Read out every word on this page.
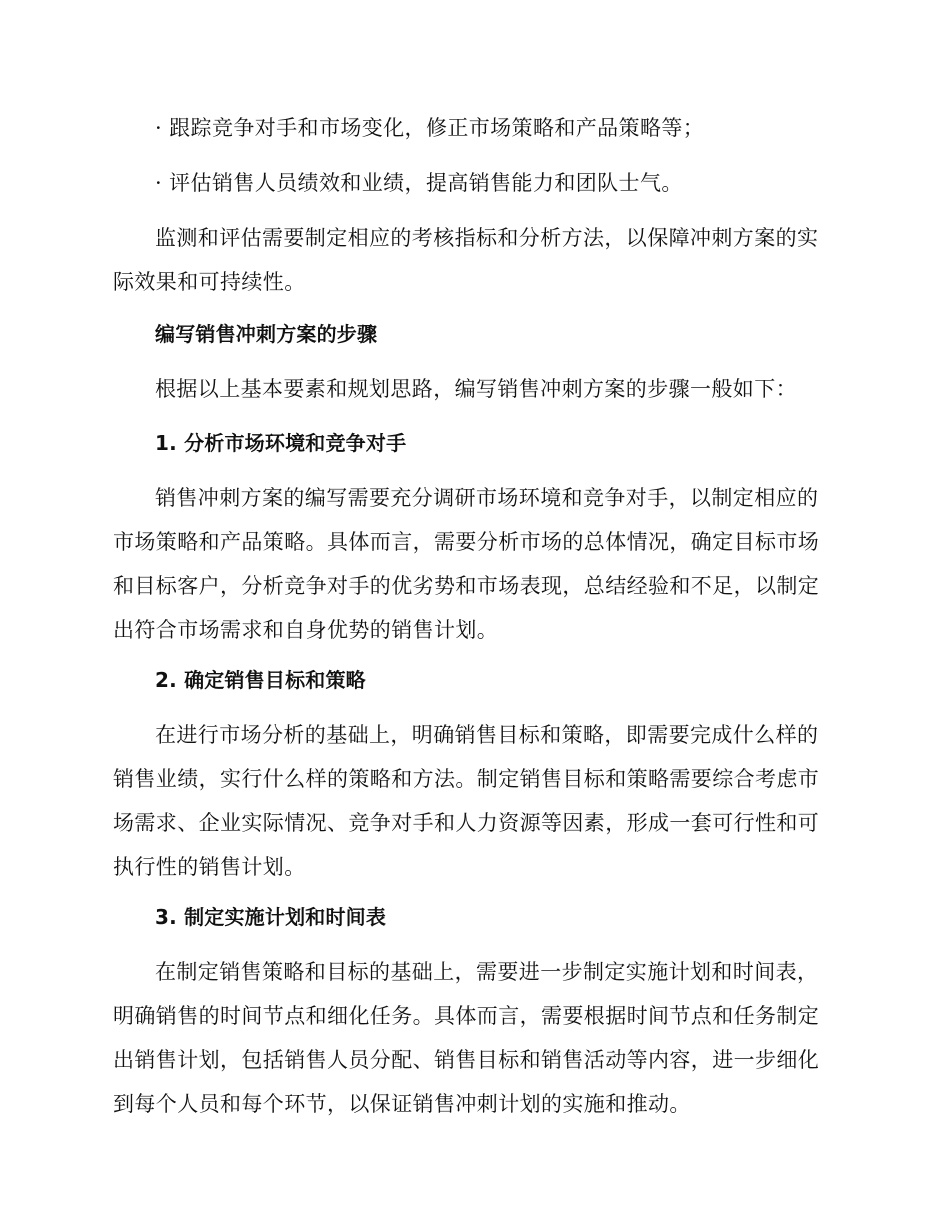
· 跟踪竞争对手和市场变化，修正市场策略和产品策略等；

· 评估销售人员绩效和业绩，提高销售能力和团队士气。

监测和评估需要制定相应的考核指标和分析方法，以保障冲刺方案的实际效果和可持续性。

编写销售冲刺方案的步骤

根据以上基本要素和规划思路，编写销售冲刺方案的步骤一般如下：

1. 分析市场环境和竞争对手

销售冲刺方案的编写需要充分调研市场环境和竞争对手，以制定相应的市场策略和产品策略。具体而言，需要分析市场的总体情况，确定目标市场和目标客户，分析竞争对手的优劣势和市场表现，总结经验和不足，以制定出符合市场需求和自身优势的销售计划。

2. 确定销售目标和策略

在进行市场分析的基础上，明确销售目标和策略，即需要完成什么样的销售业绩，实行什么样的策略和方法。制定销售目标和策略需要综合考虑市场需求、企业实际情况、竞争对手和人力资源等因素，形成一套可行性和可执行性的销售计划。

3. 制定实施计划和时间表

在制定销售策略和目标的基础上，需要进一步制定实施计划和时间表，明确销售的时间节点和细化任务。具体而言，需要根据时间节点和任务制定出销售计划，包括销售人员分配、销售目标和销售活动等内容，进一步细化到每个人员和每个环节，以保证销售冲刺计划的实施和推动。
